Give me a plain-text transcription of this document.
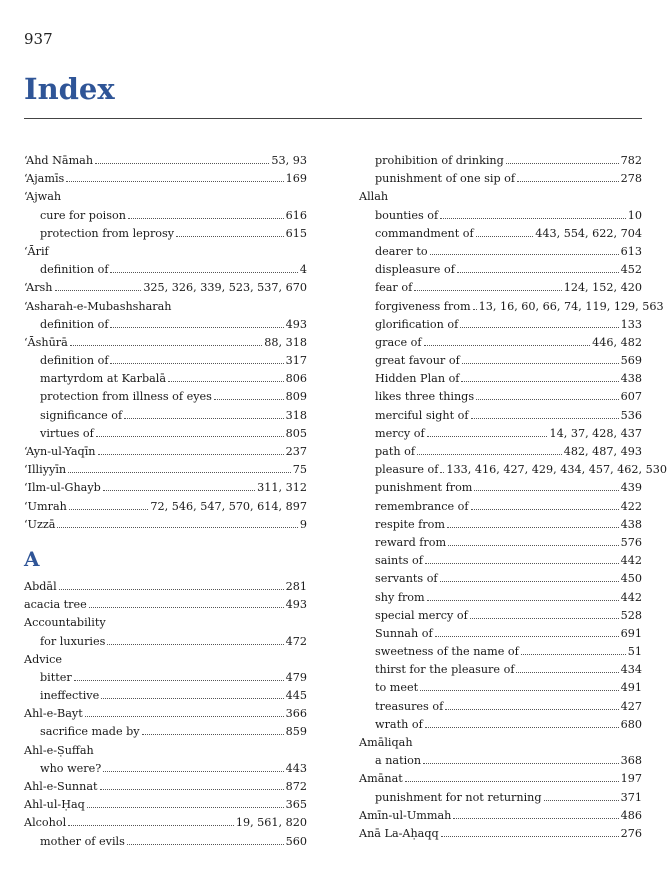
937
Index
‘Ahd Nāmah	53, 93
‘Ajamīs	169
‘Ajwah
cure for poison	616
protection from leprosy	615
‘Ārif
definition of	4
‘Arsh	325, 326, 339, 523, 537, 670
‘Asharah-e-Mubashsharah
definition of	493
‘Āshūrā	88, 318
definition of	317
martyrdom at Karbalā	806
protection from illness of eyes	809
significance of	318
virtues of	805
‘Ayn-ul-Yaqīn	237
‘Illiyyīn	75
‘Ilm-ul-Ghayb	311, 312
‘Umrah	72, 546, 547, 570, 614, 897
‘Uzzā	9
A
Abdāl	281
acacia tree	493
Accountability
for luxuries	472
Advice
bitter	479
ineffective	445
Ahl-e-Bayt	366
sacrifice made by	859
Ahl-e-Ṣuffah
who were?	443
Ahl-e-Sunnat	872
Ahl-ul-Ḥaq	365
Alcohol	19, 561, 820
mother of evils	560
prohibition of drinking	782
punishment of one sip of	278
Allah
bounties of	10
commandment of	443, 554, 622, 704
dearer to	613
displeasure of	452
fear of	124, 152, 420
forgiveness from 13, 16, 60, 66, 74, 119, 129, 563
glorification of	133
grace of	446, 482
great favour of	569
Hidden Plan of	438
likes three things	607
merciful sight of	536
mercy of	14, 37, 428, 437
path of	482, 487, 493
pleasure of 133, 416, 427, 429, 434, 457, 462, 530
punishment from	439
remembrance of	422
respite from	438
reward from	576
saints of	442
servants of	450
shy from	442
special mercy of	528
Sunnah of	691
sweetness of the name of	51
thirst for the pleasure of	434
to meet	491
treasures of	427
wrath of	680
Amāliqah
a nation	368
Amānat	197
punishment for not returning	371
Amīn-ul-Ummah	486
Anā La-Aḥaqq	276
